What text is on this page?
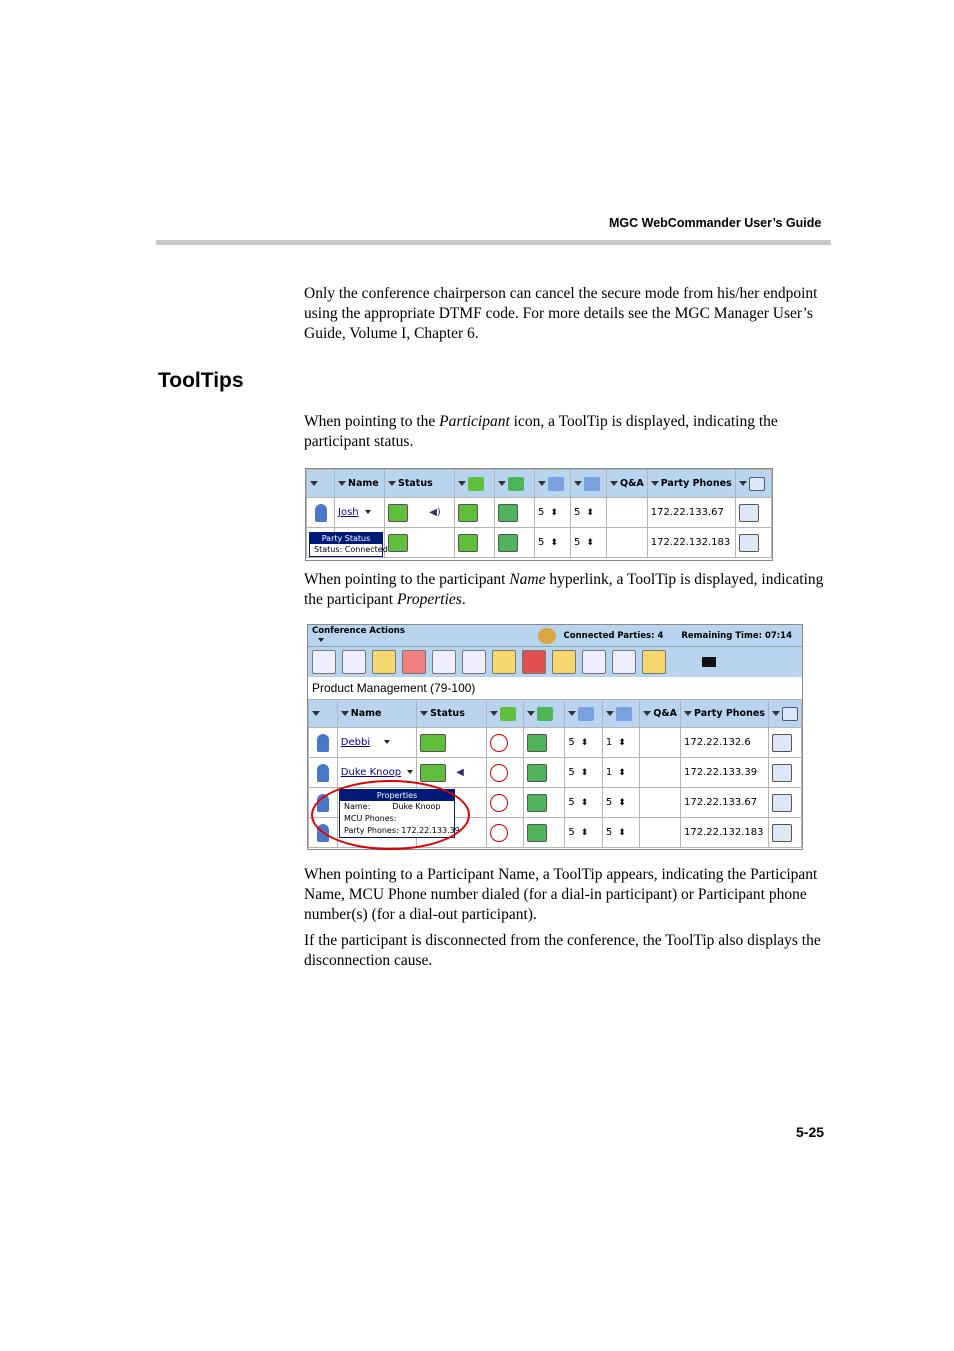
MGC WebCommander User’s Guide
Only the conference chairperson can cancel the secure mode from his/her endpoint using the appropriate DTMF code. For more details see the MGC Manager User’s Guide, Volume I, Chapter 6.
ToolTips
When pointing to the Participant icon, a ToolTip is displayed, indicating the participant status.
	Name	Status					Q&A	Party Phones	
	Josh	◀)			5 ⬍	5 ⬍		172.22.133.67	
					5 ⬍	5 ⬍		172.22.132.183	
Party Status
Status: Connected
When pointing to the participant Name hyperlink, a ToolTip is displayed, indicating the participant Properties.
Conference Actions	Connected Parties: 4 Remaining Time: 07:14
Product Management (79-100)
	Name	Status					Q&A	Party Phones	
	Debbi				5 ⬍	1 ⬍		172.22.132.6	
	Duke Knoop	◀			5 ⬍	1 ⬍		172.22.133.39	
					5 ⬍	5 ⬍		172.22.133.67	
					5 ⬍	5 ⬍		172.22.132.183	
Properties
Name:	Duke Knoop
MCU Phones:
Party Phones: 172.22.133.39
When pointing to a Participant Name, a ToolTip appears, indicating the Participant Name, MCU Phone number dialed (for a dial-in participant) or Participant phone number(s) (for a dial-out participant).
If the participant is disconnected from the conference, the ToolTip also displays the disconnection cause.
5-25
